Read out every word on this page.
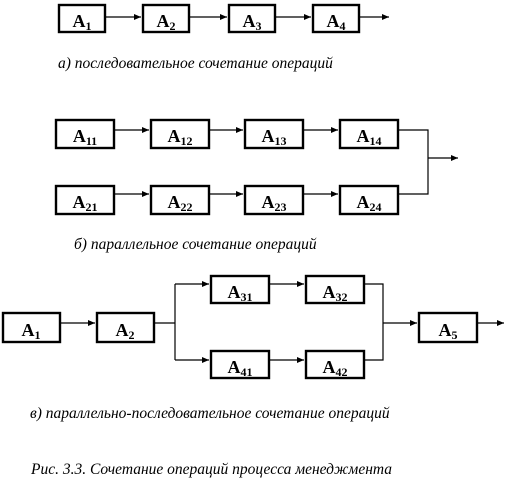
A1	A2	A3	A4
а) последовательное сочетание операций
A11	A12	A13	A14
A21	A22	A23	A24
б) параллельное сочетание операций
A1	A2
A31	A32
A41	A42
A5
в) параллельно-последовательное сочетание операций
Рис. 3.3. Сочетание операций процесса менеджмента
